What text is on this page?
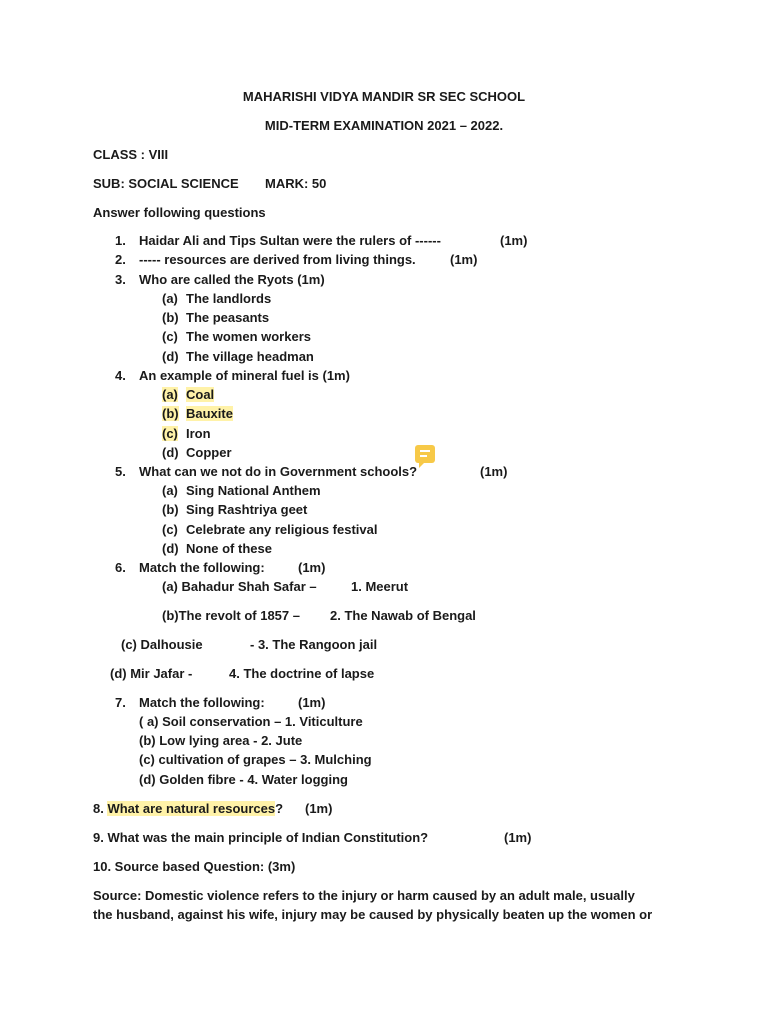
MAHARISHI VIDYA MANDIR SR SEC SCHOOL
MID-TERM EXAMINATION 2021 – 2022.
CLASS : VIII
SUB: SOCIAL SCIENCE MARK: 50
Answer following questions
1. Haidar Ali and Tips Sultan were the rulers of ------	(1m)
2. ----- resources are derived from living things.	(1m)
3. Who are called the Ryots (1m)
(a) The landlords
(b) The peasants
(c) The women workers
(d) The village headman
4. An example of mineral fuel is (1m)
(a) Coal
(b) Bauxite
(c) Iron
(d) Copper
5. What can we not do in Government schools?	(1m)
(a) Sing National Anthem
(b) Sing Rashtriya geet
(c) Celebrate any religious festival
(d) None of these
6. Match the following:	(1m)
(a) Bahadur Shah Safar –	1. Meerut
(b)The revolt of 1857 – 2. The Nawab of Bengal
(c) Dalhousie	- 3. The Rangoon jail
(d) Mir Jafar -	4. The doctrine of lapse
7. Match the following:	(1m)
( a) Soil conservation – 1. Viticulture
(b) Low lying area - 2. Jute
(c) cultivation of grapes – 3. Mulching
(d) Golden fibre - 4. Water logging
8. What are natural resources? (1m)
9. What was the main principle of Indian Constitution?	(1m)
10. Source based Question: (3m)
Source: Domestic violence refers to the injury or harm caused by an adult male, usually
the husband, against his wife, injury may be caused by physically beaten up the women or
